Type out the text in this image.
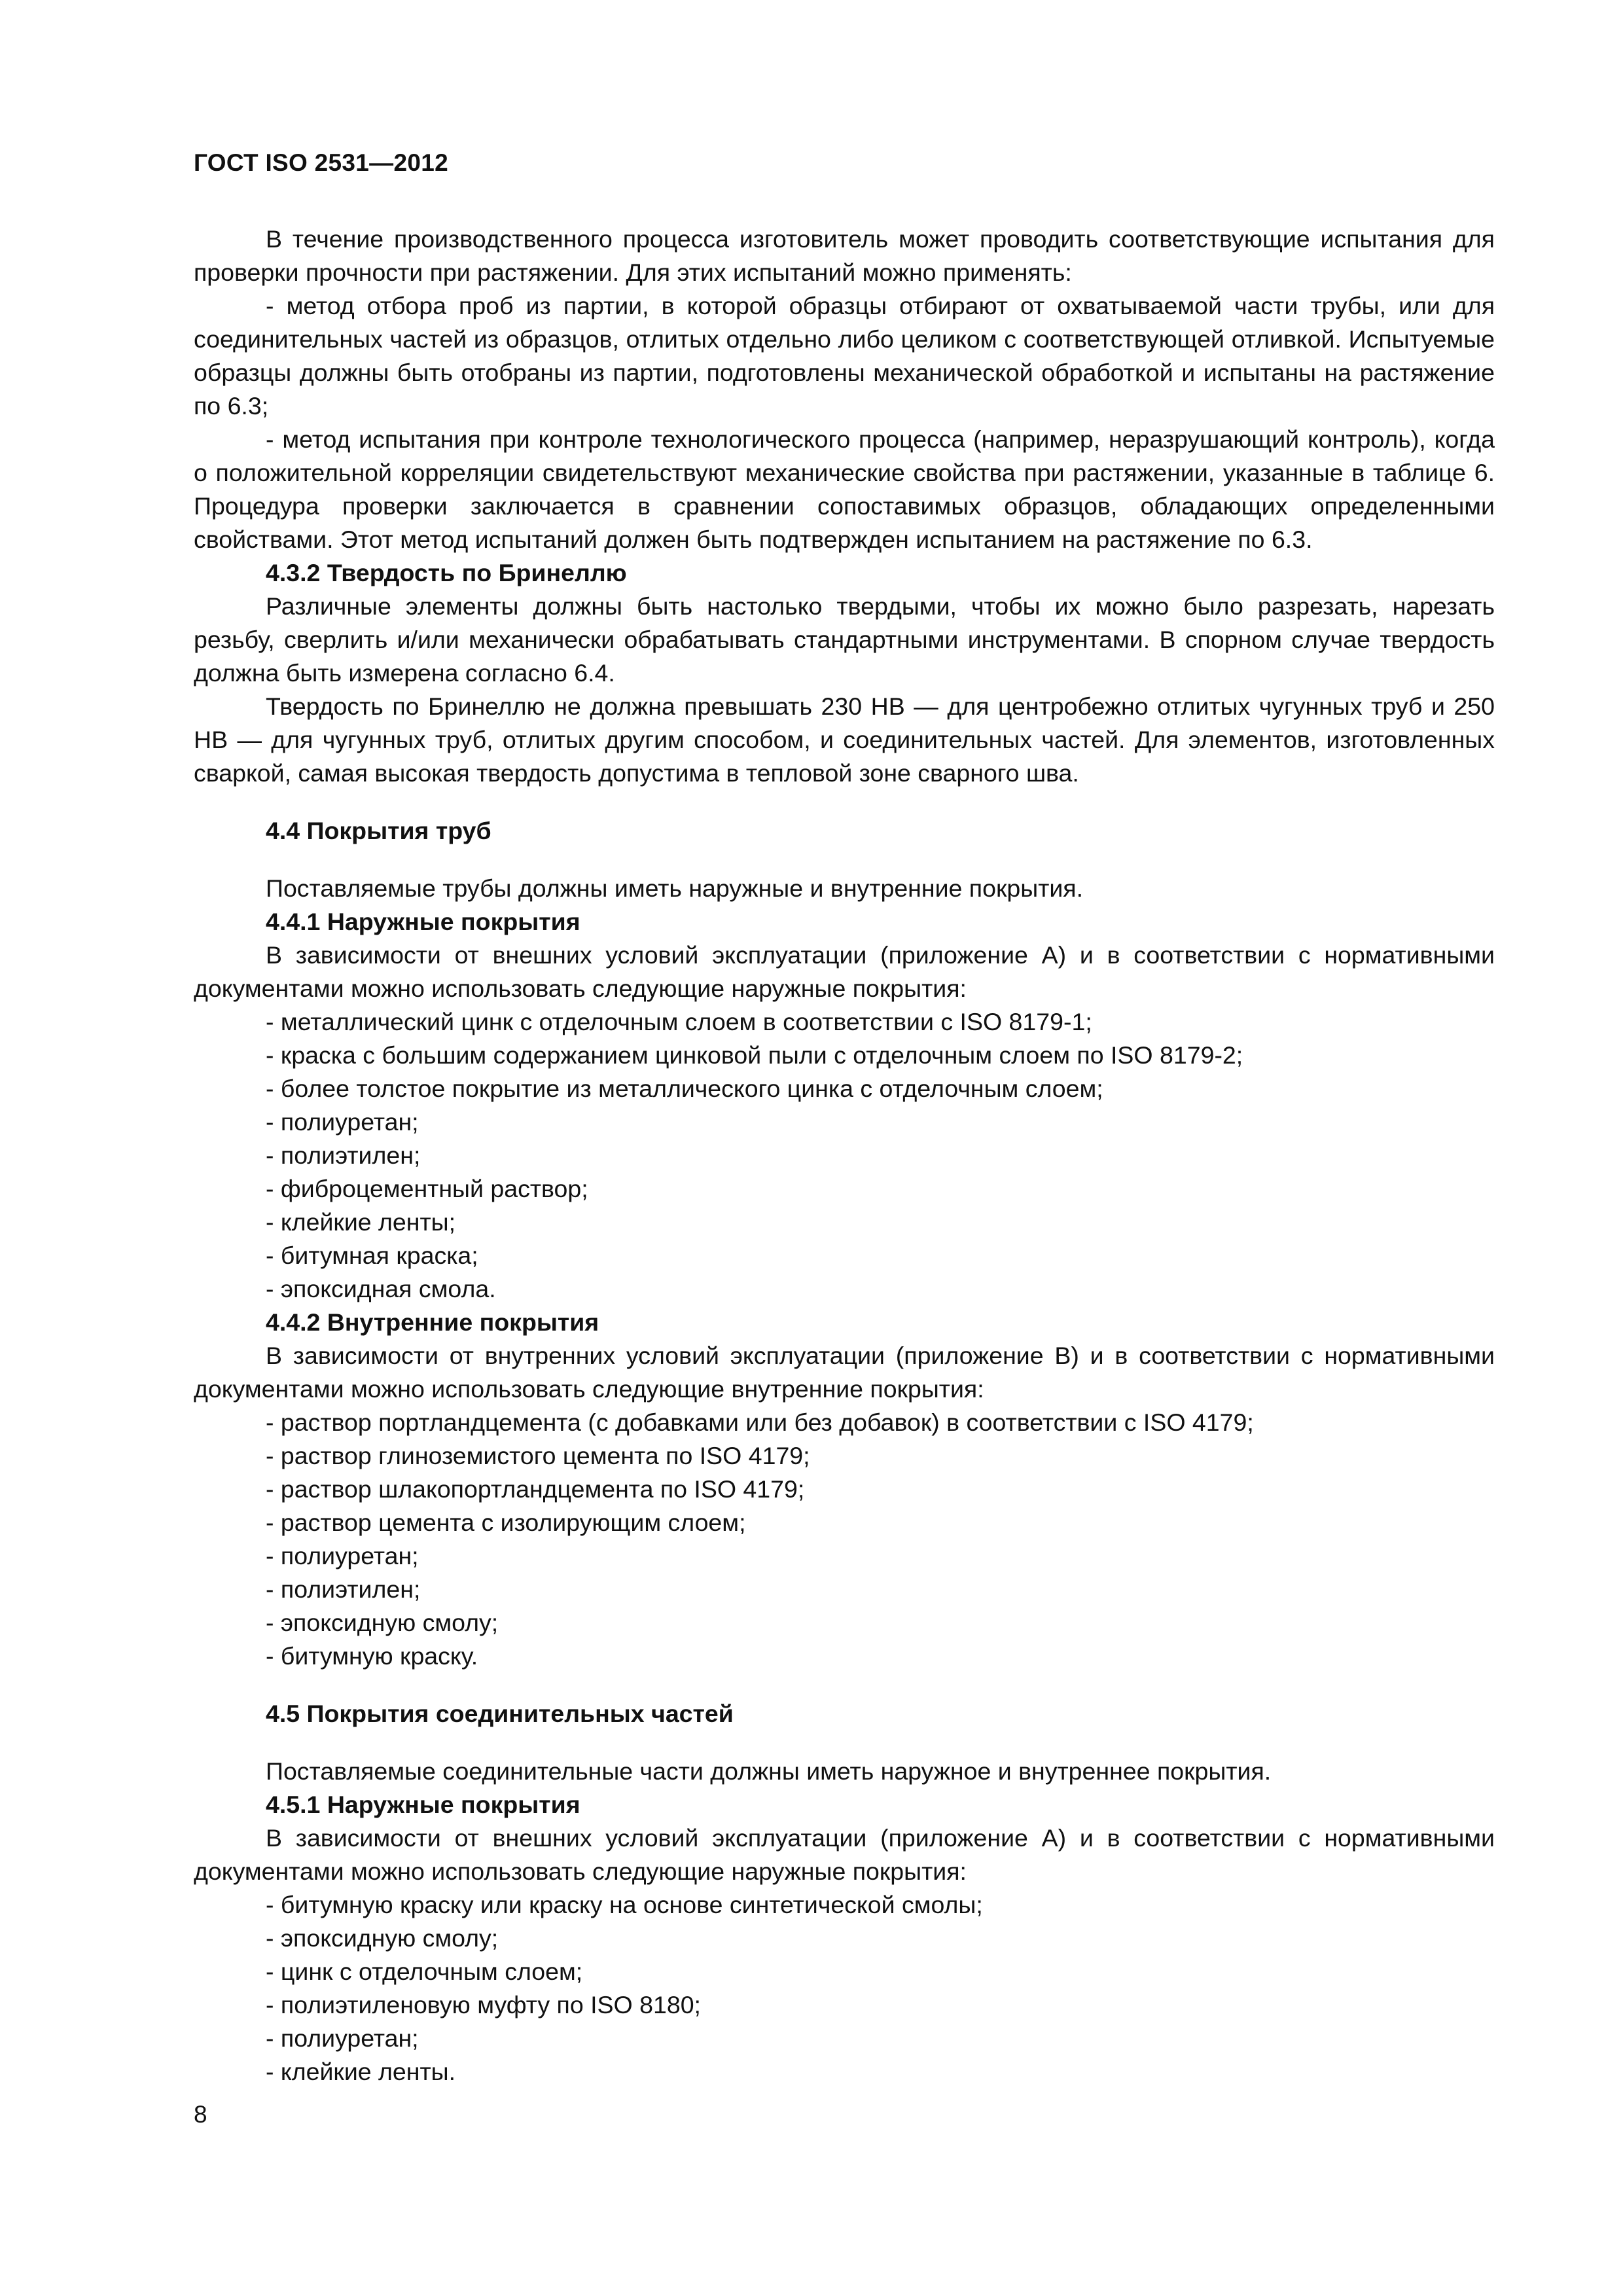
ГОСТ ISO 2531—2012

В течение производственного процесса изготовитель может проводить соответствующие испытания для проверки прочности при растяжении. Для этих испытаний можно применять:

- метод отбора проб из партии, в которой образцы отбирают от охватываемой части трубы, или для соединительных частей из образцов, отлитых отдельно либо целиком с соответствующей отливкой. Испытуемые образцы должны быть отобраны из партии, подготовлены механической обработкой и испытаны на растяжение по 6.3;

- метод испытания при контроле технологического процесса (например, неразрушающий контроль), когда о положительной корреляции свидетельствуют механические свойства при растяжении, указанные в таблице 6. Процедура проверки заключается в сравнении сопоставимых образцов, обладающих определенными свойствами. Этот метод испытаний должен быть подтвержден испытанием на растяжение по 6.3.

4.3.2 Твердость по Бринеллю

Различные элементы должны быть настолько твердыми, чтобы их можно было разрезать, нарезать резьбу, сверлить и/или механически обрабатывать стандартными инструментами. В спорном случае твердость должна быть измерена согласно 6.4.

Твердость по Бринеллю не должна превышать 230 НВ — для центробежно отлитых чугунных труб и 250 НВ — для чугунных труб, отлитых другим способом, и соединительных частей. Для элементов, изготовленных сваркой, самая высокая твердость допустима в тепловой зоне сварного шва.

4.4 Покрытия труб

Поставляемые трубы должны иметь наружные и внутренние покрытия.

4.4.1 Наружные покрытия

В зависимости от внешних условий эксплуатации (приложение А) и в соответствии с нормативными документами можно использовать следующие наружные покрытия:

- металлический цинк с отделочным слоем в соответствии с ISO 8179-1;

- краска с большим содержанием цинковой пыли с отделочным слоем по ISO 8179-2;

- более толстое покрытие из металлического цинка с отделочным слоем;

- полиуретан;

- полиэтилен;

- фиброцементный раствор;

- клейкие ленты;

- битумная краска;

- эпоксидная смола.

4.4.2 Внутренние покрытия

В зависимости от внутренних условий эксплуатации (приложение В) и в соответствии с нормативными документами можно использовать следующие внутренние покрытия:

- раствор портландцемента (с добавками или без добавок) в соответствии с ISO 4179;

- раствор глиноземистого цемента по ISO 4179;

- раствор шлакопортландцемента по ISO 4179;

- раствор цемента с изолирующим слоем;

- полиуретан;

- полиэтилен;

- эпоксидную смолу;

- битумную краску.

4.5 Покрытия соединительных частей

Поставляемые соединительные части должны иметь наружное и внутреннее покрытия.

4.5.1 Наружные покрытия

В зависимости от внешних условий эксплуатации (приложение А) и в соответствии с нормативными документами можно использовать следующие наружные покрытия:

- битумную краску или краску на основе синтетической смолы;

- эпоксидную смолу;

- цинк с отделочным слоем;

- полиэтиленовую муфту по ISO 8180;

- полиуретан;

- клейкие ленты.

8
